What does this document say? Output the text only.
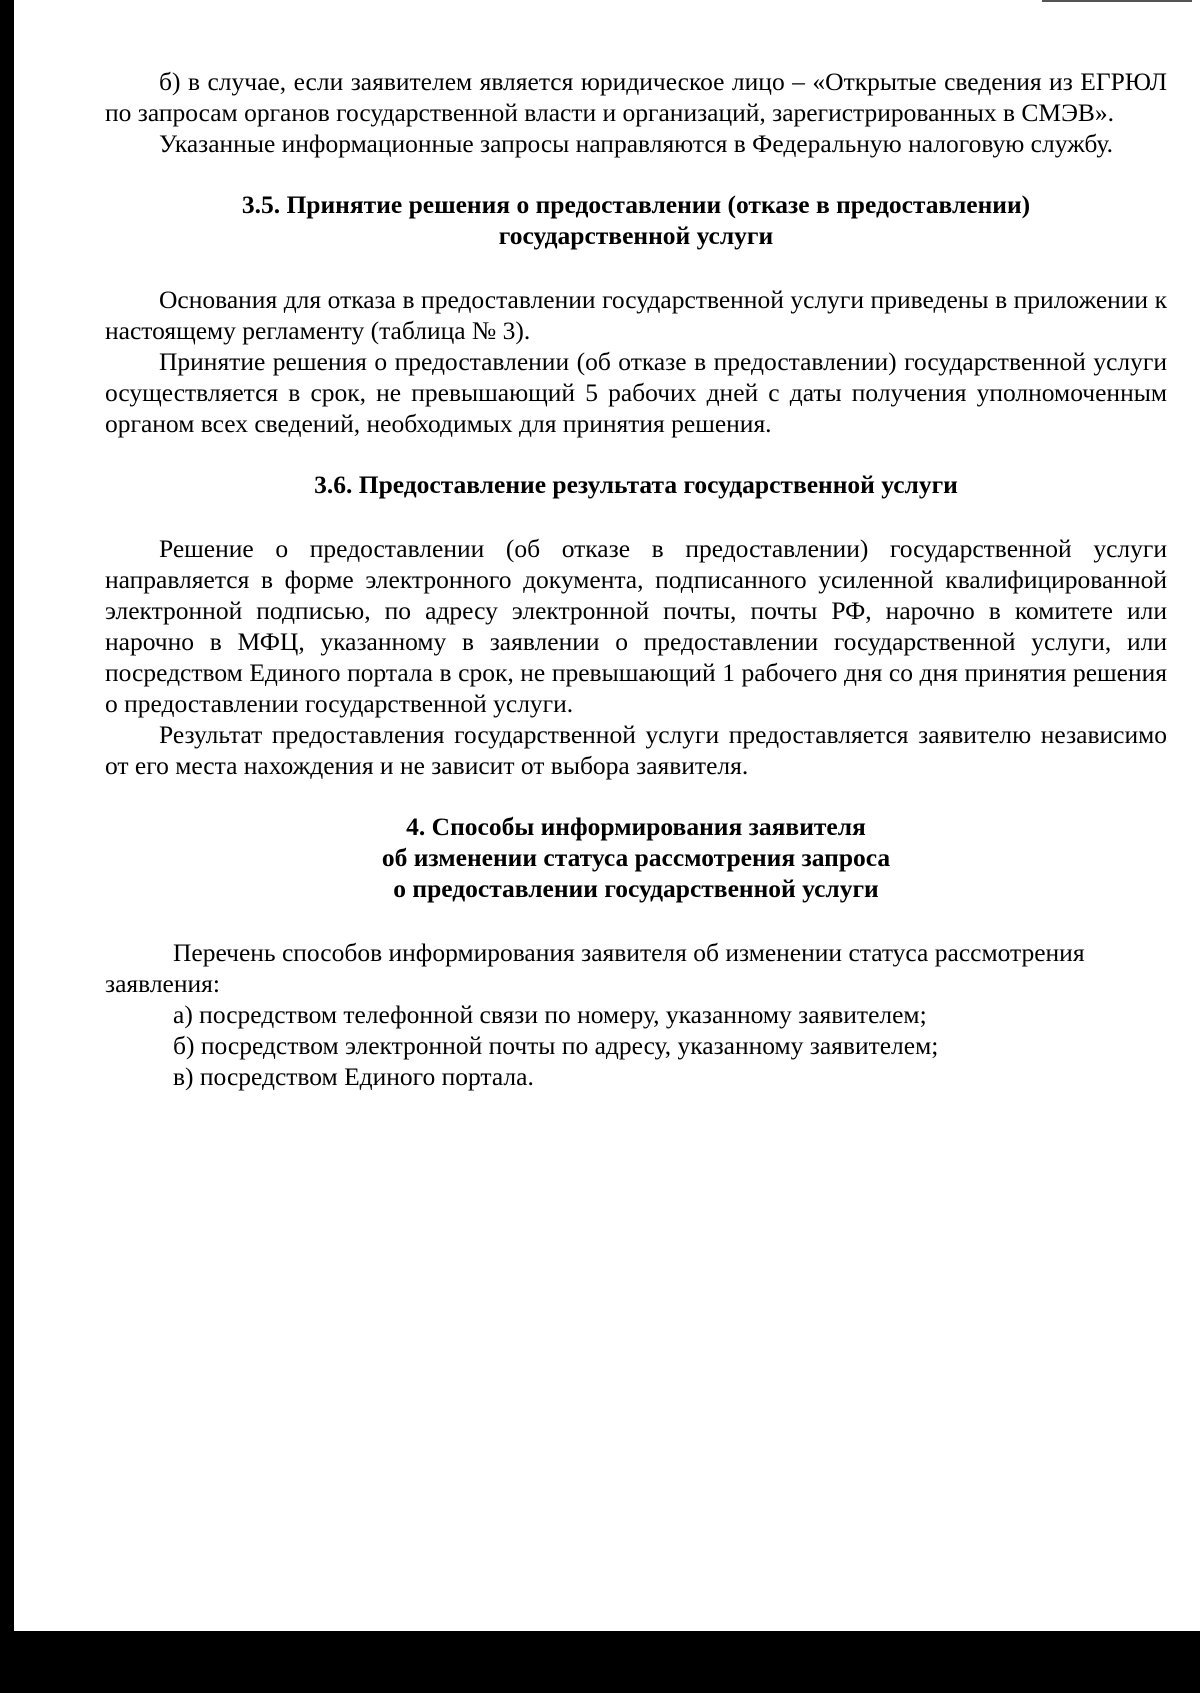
б) в случае, если заявителем является юридическое лицо – «Открытые сведения из ЕГРЮЛ по запросам органов государственной власти и организаций, зарегистрированных в СМЭВ».

Указанные информационные запросы направляются в Федеральную налоговую службу.

3.5. Принятие решения о предоставлении (отказе в предоставлении)
государственной услуги

Основания для отказа в предоставлении государственной услуги приведены в приложении к настоящему регламенту (таблица № 3).

Принятие решения о предоставлении (об отказе в предоставлении) государственной услуги осуществляется в срок, не превышающий 5 рабочих дней с даты получения уполномоченным органом всех сведений, необходимых для принятия решения.

3.6. Предоставление результата государственной услуги

Решение о предоставлении (об отказе в предоставлении) государственной услуги направляется в форме электронного документа, подписанного усиленной квалифицированной электронной подписью, по адресу электронной почты, почты РФ, нарочно в комитете или нарочно в МФЦ, указанному в заявлении о предоставлении государственной услуги, или посредством Единого портала в срок, не превышающий 1 рабочего дня со дня принятия решения о предоставлении государственной услуги.

Результат предоставления государственной услуги предоставляется заявителю независимо от его места нахождения и не зависит от выбора заявителя.

4. Способы информирования заявителя
об изменении статуса рассмотрения запроса
о предоставлении государственной услуги

Перечень способов информирования заявителя об изменении статуса рассмотрения заявления:

а) посредством телефонной связи по номеру, указанному заявителем;

б) посредством электронной почты по адресу, указанному заявителем;

в) посредством Единого портала.
